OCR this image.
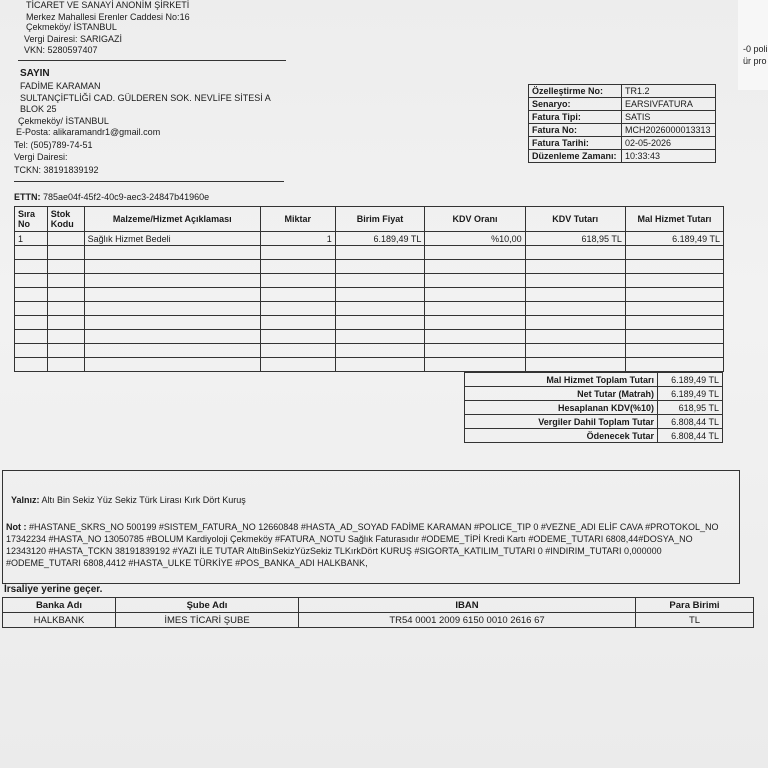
-0 poli
ür pro
TİCARET VE SANAYİ ANONİM ŞİRKETİ
Merkez Mahallesi Erenler Caddesi No:16
Çekmeköy/ İSTANBUL
Vergi Dairesi: SARIGAZİ
VKN: 5280597407
SAYIN
FADİME KARAMAN
SULTANÇİFTLİĞİ CAD. GÜLDEREN SOK. NEVLİFE SİTESİ A
BLOK 25
Çekmeköy/ İSTANBUL
E-Posta: alikaramandr1@gmail.com
Tel: (505)789-74-51
Vergi Dairesi:
TCKN: 38191839192
ETTN: 785ae04f-45f2-40c9-aec3-24847b41960e
Özelleştirme No:	TR1.2
Senaryo:	EARSIVFATURA
Fatura Tipi:	SATIS
Fatura No:	MCH2026000013313
Fatura Tarihi:	02-05-2026
Düzenleme Zamanı:	10:33:43
Sıra No	Stok Kodu	Malzeme/Hizmet Açıklaması	Miktar	Birim Fiyat	KDV Oranı	KDV Tutarı	Mal Hizmet Tutarı
1		Sağlık Hizmet Bedeli	1	6.189,49 TL	%10,00	618,95 TL	6.189,49 TL

Mal Hizmet Toplam Tutarı	6.189,49 TL
Net Tutar (Matrah)	6.189,49 TL
Hesaplanan KDV(%10)	618,95 TL
Vergiler Dahil Toplam Tutar	6.808,44 TL
Ödenecek Tutar	6.808,44 TL
Yalnız: Altı Bin Sekiz Yüz Sekiz Türk Lirası Kırk Dört Kuruş
Not : #HASTANE_SKRS_NO 500199 #SISTEM_FATURA_NO 12660848 #HASTA_AD_SOYAD FADİME KARAMAN #POLICE_TIP 0 #VEZNE_ADI ELİF CAVA #PROTOKOL_NO 17342234 #HASTA_NO 13050785 #BOLUM Kardiyoloji Çekmeköy #FATURA_NOTU Sağlık Faturasıdır #ODEME_TİPİ Kredi Kartı #ODEME_TUTARI 6808,44#DOSYA_NO 12343120 #HASTA_TCKN 38191839192 #YAZI İLE TUTAR AltıBinSekizYüzSekiz TLKırkDört KURUŞ #SIGORTA_KATILIM_TUTARI 0 #INDIRIM_TUTARI 0,000000 #ODEME_TUTARI 6808,4412 #HASTA_ULKE TÜRKİYE #POS_BANKA_ADI HALKBANK,
İrsaliye yerine geçer.
Banka Adı	Şube Adı	IBAN	Para Birimi
HALKBANK	İMES TİCARİ ŞUBE	TR54 0001 2009 6150 0010 2616 67	TL
